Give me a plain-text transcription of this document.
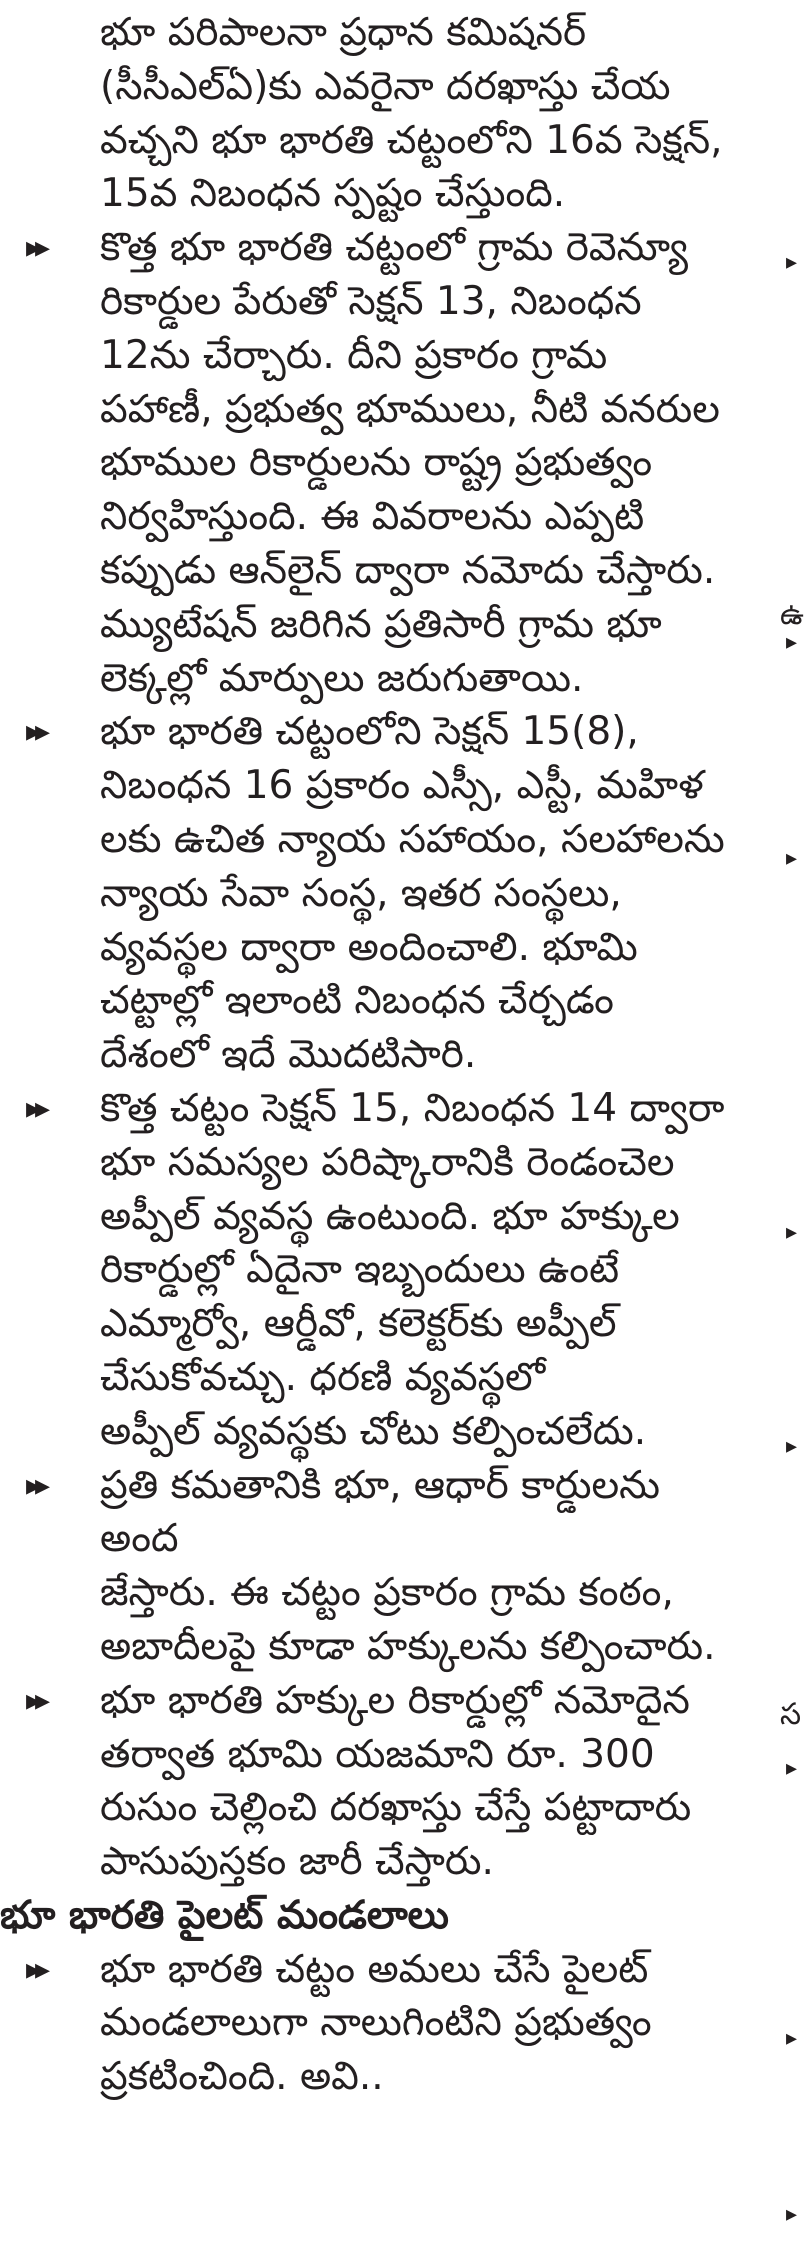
భూ పరిపాలనా ప్రధాన కమిషనర్
(సీసీఎల్ఏ)కు ఎవరైనా దరఖాస్తు చేయ
వచ్చని భూ భారతి చట్టంలోని 16వ సెక్షన్,
15వ నిబంధన స్పష్టం చేస్తుంది.

▸▸ కొత్త భూ భారతి చట్టంలో గ్రామ రెవెన్యూ
రికార్డుల పేరుతో సెక్షన్ 13, నిబంధన
12ను చేర్చారు. దీని ప్రకారం గ్రామ
పహాణీ, ప్రభుత్వ భూములు, నీటి వనరుల
భూముల రికార్డులను రాష్ట్ర ప్రభుత్వం
నిర్వహిస్తుంది. ఈ వివరాలను ఎప్పటి
కప్పుడు ఆన్‌లైన్ ద్వారా నమోదు చేస్తారు.
మ్యుటేషన్ జరిగిన ప్రతిసారీ గ్రామ భూ
లెక్కల్లో మార్పులు జరుగుతాయి.

▸▸ భూ భారతి చట్టంలోని సెక్షన్ 15(8),
నిబంధన 16 ప్రకారం ఎస్సీ, ఎస్టీ, మహిళ
లకు ఉచిత న్యాయ సహాయం, సలహాలను
న్యాయ సేవా సంస్థ, ఇతర సంస్థలు,
వ్యవస్థల ద్వారా అందించాలి. భూమి
చట్టాల్లో ఇలాంటి నిబంధన చేర్చడం
దేశంలో ఇదే మొదటిసారి.

▸▸ కొత్త చట్టం సెక్షన్ 15, నిబంధన 14 ద్వారా
భూ సమస్యల పరిష్కారానికి రెండంచెల
అప్పీల్ వ్యవస్థ ఉంటుంది. భూ హక్కుల
రికార్డుల్లో ఏదైనా ఇబ్బందులు ఉంటే
ఎమ్మార్వో, ఆర్డీవో, కలెక్టర్‌కు అప్పీల్
చేసుకోవచ్చు. ధరణి వ్యవస్థలో
అప్పీల్ వ్యవస్థకు చోటు కల్పించలేదు.

▸▸ ప్రతి కమతానికి భూ, ఆధార్ కార్డులను అంద
జేస్తారు. ఈ చట్టం ప్రకారం గ్రామ కంఠం,
అబాదీలపై కూడా హక్కులను కల్పించారు.

▸▸ భూ భారతి హక్కుల రికార్డుల్లో నమోదైన
తర్వాత భూమి యజమాని రూ. 300
రుసుం చెల్లించి దరఖాస్తు చేస్తే పట్టాదారు
పాసుపుస్తకం జారీ చేస్తారు.

భూ భారతి పైలట్ మండలాలు

▸▸ భూ భారతి చట్టం అమలు చేసే పైలట్
మండలాలుగా నాలుగింటిని ప్రభుత్వం
ప్రకటించింది. అవి..

▸
ఉ
▸
▸
▸
▸
స
▸
▸
▸
